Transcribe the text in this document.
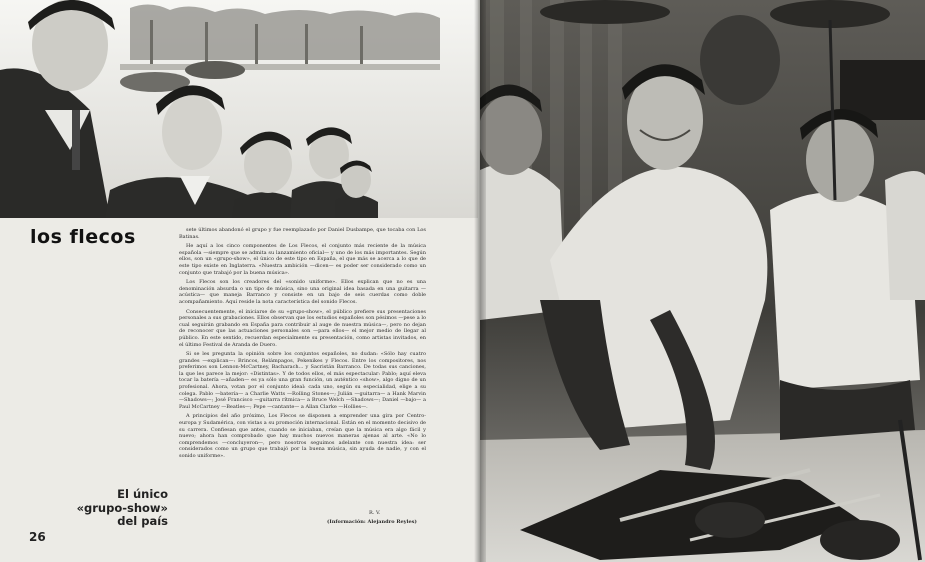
los flecos	sete últimos abandonó el grupo y fue reemplazado por Daniel Dusbampe, que tocaba con Los Batinas.

He aquí a los cinco componentes de Los Flecos, el conjunto más reciente de la música española —siempre que se admita su lanzamiento oficial— y uno de los más importantes. Según ellos, son un «grupo-show», el único de este tipo en España, el que más se acerca a lo que de este tipo existe en Inglaterra. «Nuestra ambición —dicen— es poder ser considerado como un conjunto que trabajó por la buena música».

Los Flecos son los creadores del «sonido uniforme». Ellos explican que no es una denominación absurda o un tipo de música, sino una original idea basada en una guitarra —acústica— que maneja Barranco y consiste en un bajo de seis cuerdas como doble acompañamiento. Aquí reside la nota característica del sonido Flecos.

Consecuentemente, el iniciarse de su «grupo-show», el público prefiere sus presentaciones personales a sus grabaciones. Ellos observan que los estudios españoles son pésimos —pese a lo cual seguirán grabando en España para contribuir al auge de nuestra música—, pero no dejan de reconocer que las actuaciones personales son —para ellos— el mejor medio de llegar al público. En este sentido, recuerdan especialmente su presentación, como artistas invitados, en el último Festival de Aranda de Duero.

Si se les pregunta la opinión sobre los conjuntos españoles, no dudan: «Sólo hay cuatro grandes —explican—: Brincos, Relámpagos, Pekenikes y Flecos. Entre los compositores, nos preferimos son Lennon-McCartney, Bacharach... y Sacristán Barranco. De todas sus canciones, la que les parece la mejor: «Distintas». Y de todos ellos, el más espectacular: Pablo; aquí eleva tocar la batería —añaden— es ya sólo una gran función, un auténtico «show», algo digno de un profesional. Ahora, votan por el conjunto ideal: cada uno, según su especialidad, elige a su colega. Pablo —batería— a Charlie Watts —Rolling Stones—; Julián —guitarra— a Hank Marvin —Shadows—; José Francisco —guitarra rítmica— a Bruce Welch —Shadows—; Daniel —bajo— a Paul McCartney —Beatles—; Pepe —cantante— a Allan Clarke —Hollies—.

A principios del año próximo, Los Flecos se disponen a emprender una gira por Centro-europa y Sudamérica, con vistas a su promoción internacional. Están en el momento decisivo de su carrera. Confiesan que antes, cuando se iniciaban, creían que la música era algo fácil y nuevo; ahora han comprobado que hay muchos nuevos maneras ajenas al arte. «No lo comprendemos —concluyeron—, pero nosotros seguimos adelante con nuestra idea: ser considerados como un grupo que trabajó por la buena música, sin ayuda de nadie, y con el sonido uniforme».

R. V.
(Información: Alejandro Reyles)
El único
«grupo-show»
del país
26
